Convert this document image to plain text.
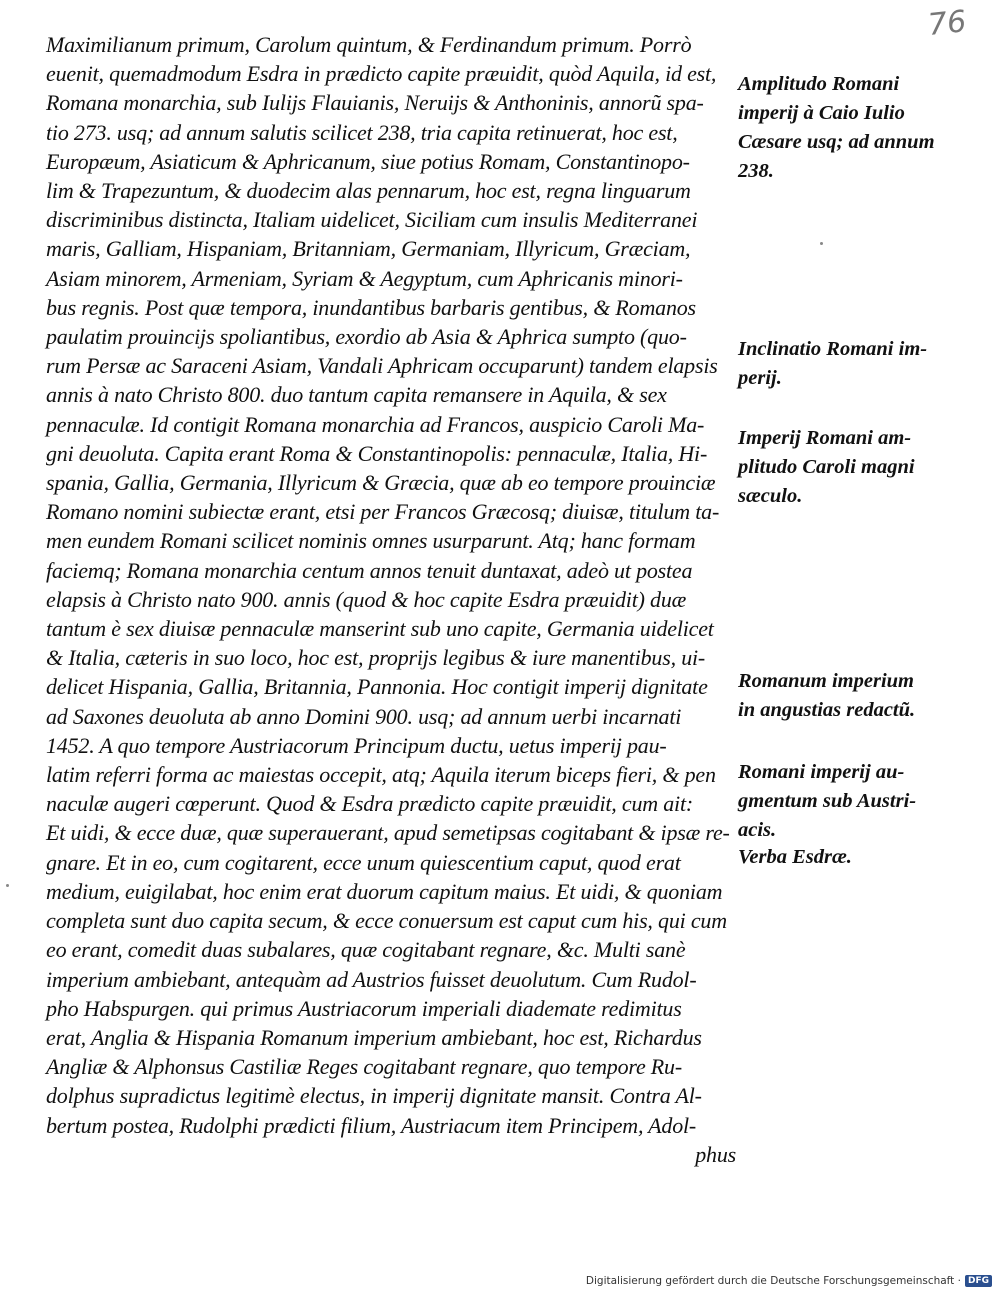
76
Maximilianum primum, Carolum quintum, & Ferdinandum primum. Porrò
euenit, quemadmodum Esdra in prædicto capite præuidit, quòd Aquila, id est,
Romana monarchia, sub Iulijs Flauianis, Neruijs & Anthoninis, annorũ spa-
tio 273. usq; ad annum salutis scilicet 238, tria capita retinuerat, hoc est,
Europæum, Asiaticum & Aphricanum, siue potius Romam, Constantinopo-
lim & Trapezuntum, & duodecim alas pennarum, hoc est, regna linguarum
discriminibus distincta, Italiam uidelicet, Siciliam cum insulis Mediterranei
maris, Galliam, Hispaniam, Britanniam, Germaniam, Illyricum, Græciam,
Asiam minorem, Armeniam, Syriam & Aegyptum, cum Aphricanis minori-
bus regnis. Post quæ tempora, inundantibus barbaris gentibus, & Romanos
paulatim prouincijs spoliantibus, exordio ab Asia & Aphrica sumpto (quo-
rum Persæ ac Saraceni Asiam, Vandali Aphricam occuparunt) tandem elapsis
annis à nato Christo 800. duo tantum capita remansere in Aquila, & sex
pennaculæ. Id contigit Romana monarchia ad Francos, auspicio Caroli Ma-
gni deuoluta. Capita erant Roma & Constantinopolis: pennaculæ, Italia, Hi-
spania, Gallia, Germania, Illyricum & Græcia, quæ ab eo tempore prouinciæ
Romano nomini subiectæ erant, etsi per Francos Græcosq; diuisæ, titulum ta-
men eundem Romani scilicet nominis omnes usurparunt. Atq; hanc formam
faciemq; Romana monarchia centum annos tenuit duntaxat, adeò ut postea
elapsis à Christo nato 900. annis (quod & hoc capite Esdra præuidit) duæ
tantum è sex diuisæ pennaculæ manserint sub uno capite, Germania uidelicet
& Italia, cæteris in suo loco, hoc est, proprijs legibus & iure manentibus, ui-
delicet Hispania, Gallia, Britannia, Pannonia. Hoc contigit imperij dignitate
ad Saxones deuoluta ab anno Domini 900. usq; ad annum uerbi incarnati
1452. A quo tempore Austriacorum Principum ductu, uetus imperij pau-
latim referri forma ac maiestas occepit, atq; Aquila iterum biceps fieri, & pen
naculæ augeri cœperunt. Quod & Esdra prædicto capite præuidit, cum ait:
Et uidi, & ecce duæ, quæ superauerant, apud semetipsas cogitabant & ipsæ re-
gnare. Et in eo, cum cogitarent, ecce unum quiescentium caput, quod erat
medium, euigilabat, hoc enim erat duorum capitum maius. Et uidi, & quoniam
completa sunt duo capita secum, & ecce conuersum est caput cum his, qui cum
eo erant, comedit duas subalares, quæ cogitabant regnare, &c. Multi sanè
imperium ambiebant, antequàm ad Austrios fuisset deuolutum. Cum Rudol-
pho Habspurgen. qui primus Austriacorum imperiali diademate redimitus
erat, Anglia & Hispania Romanum imperium ambiebant, hoc est, Richardus
Angliæ & Alphonsus Castiliæ Reges cogitabant regnare, quo tempore Ru-
dolphus supradictus legitimè electus, in imperij dignitate mansit. Contra Al-
bertum postea, Rudolphi prædicti filium, Austriacum item Principem, Adol-
phus
Amplitudo Romani
imperij à Caio Iulio
Cæsare usq; ad annum
238.
Inclinatio Romani im-
perij.
Imperij Romani am-
plitudo Caroli magni
sæculo.
Romanum imperium
in angustias redactũ.
Romani imperij au-
gmentum sub Austri-
acis.
Verba Esdræ.
Digitalisierung gefördert durch die Deutsche Forschungsgemeinschaft · DFG
